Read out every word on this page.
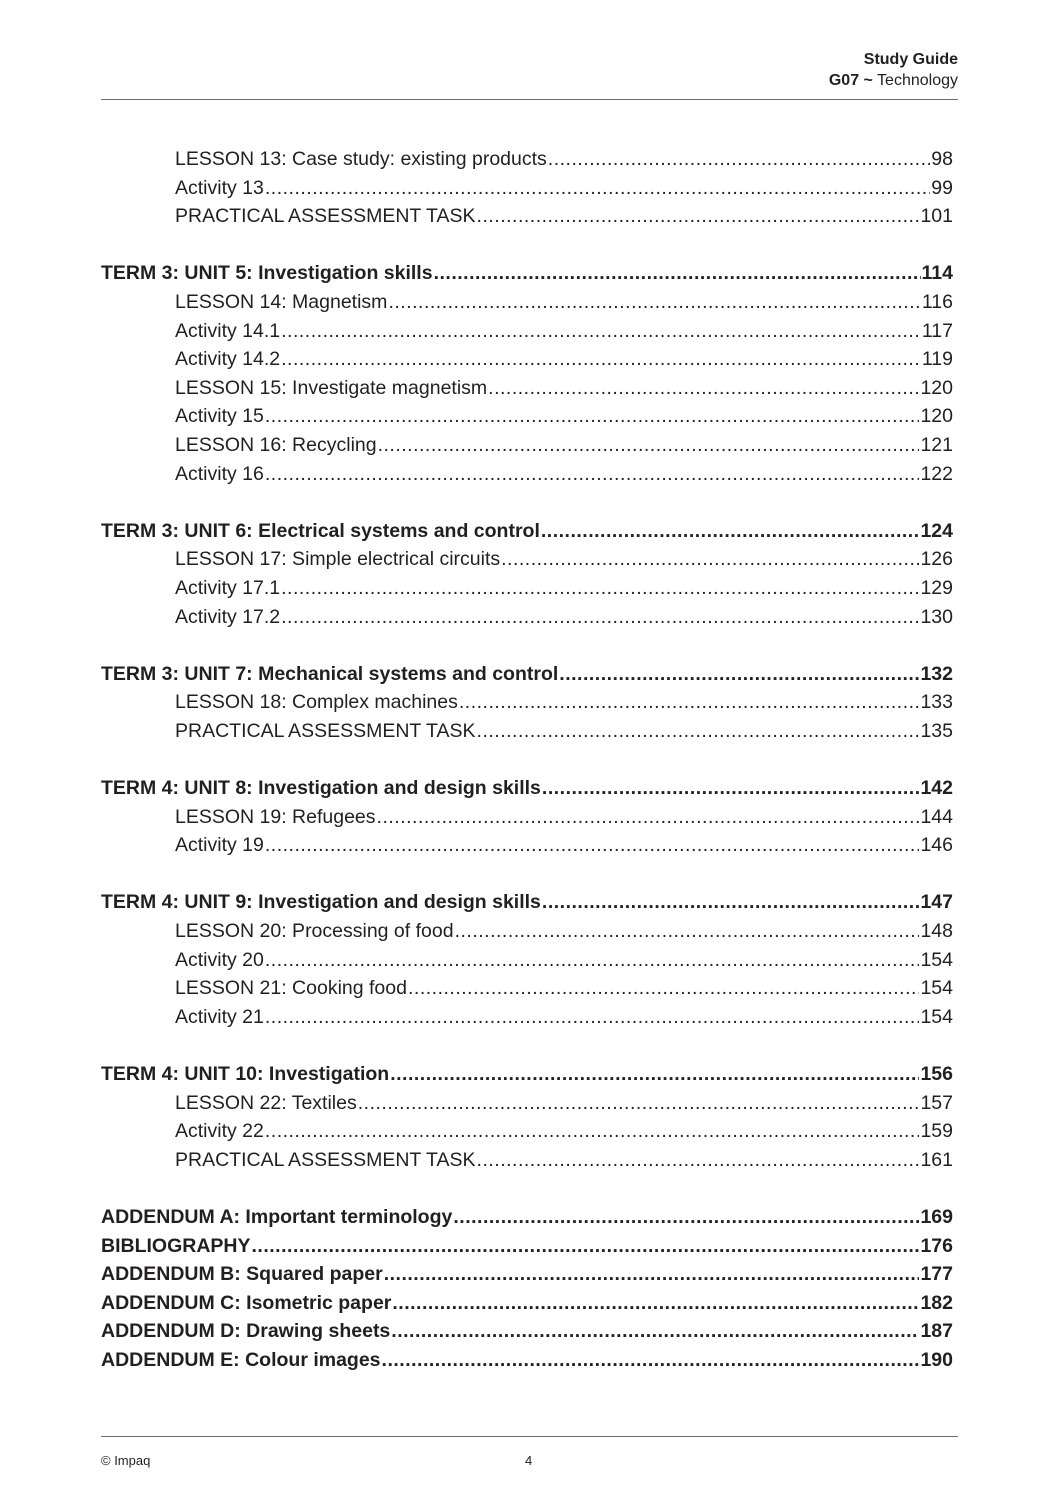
Study Guide
G07 ~ Technology
LESSON 13: Case study: existing products .....	98
Activity 13 .....	99
PRACTICAL ASSESSMENT TASK .....	101
TERM 3: UNIT 5: Investigation skills .....	114
LESSON 14: Magnetism .....	116
Activity 14.1 .....	117
Activity 14.2 .....	119
LESSON 15: Investigate magnetism .....	120
Activity 15 .....	120
LESSON 16: Recycling .....	121
Activity 16 .....	122
TERM 3: UNIT 6: Electrical systems and control .....	124
LESSON 17: Simple electrical circuits .....	126
Activity 17.1 .....	129
Activity 17.2 .....	130
TERM 3: UNIT 7: Mechanical systems and control .....	132
LESSON 18: Complex machines .....	133
PRACTICAL ASSESSMENT TASK .....	135
TERM 4: UNIT 8: Investigation and design skills .....	142
LESSON 19: Refugees .....	144
Activity 19 .....	146
TERM 4: UNIT 9: Investigation and design skills .....	147
LESSON 20: Processing of food .....	148
Activity 20 .....	154
LESSON 21: Cooking food .....	154
Activity 21 .....	154
TERM 4: UNIT 10: Investigation .....	156
LESSON 22: Textiles .....	157
Activity 22 .....	159
PRACTICAL ASSESSMENT TASK .....	161
ADDENDUM A: Important terminology .....	169
BIBLIOGRAPHY .....	176
ADDENDUM B: Squared paper .....	177
ADDENDUM C: Isometric paper .....	182
ADDENDUM D: Drawing sheets .....	187
ADDENDUM E: Colour images .....	190
© Impaq	4
